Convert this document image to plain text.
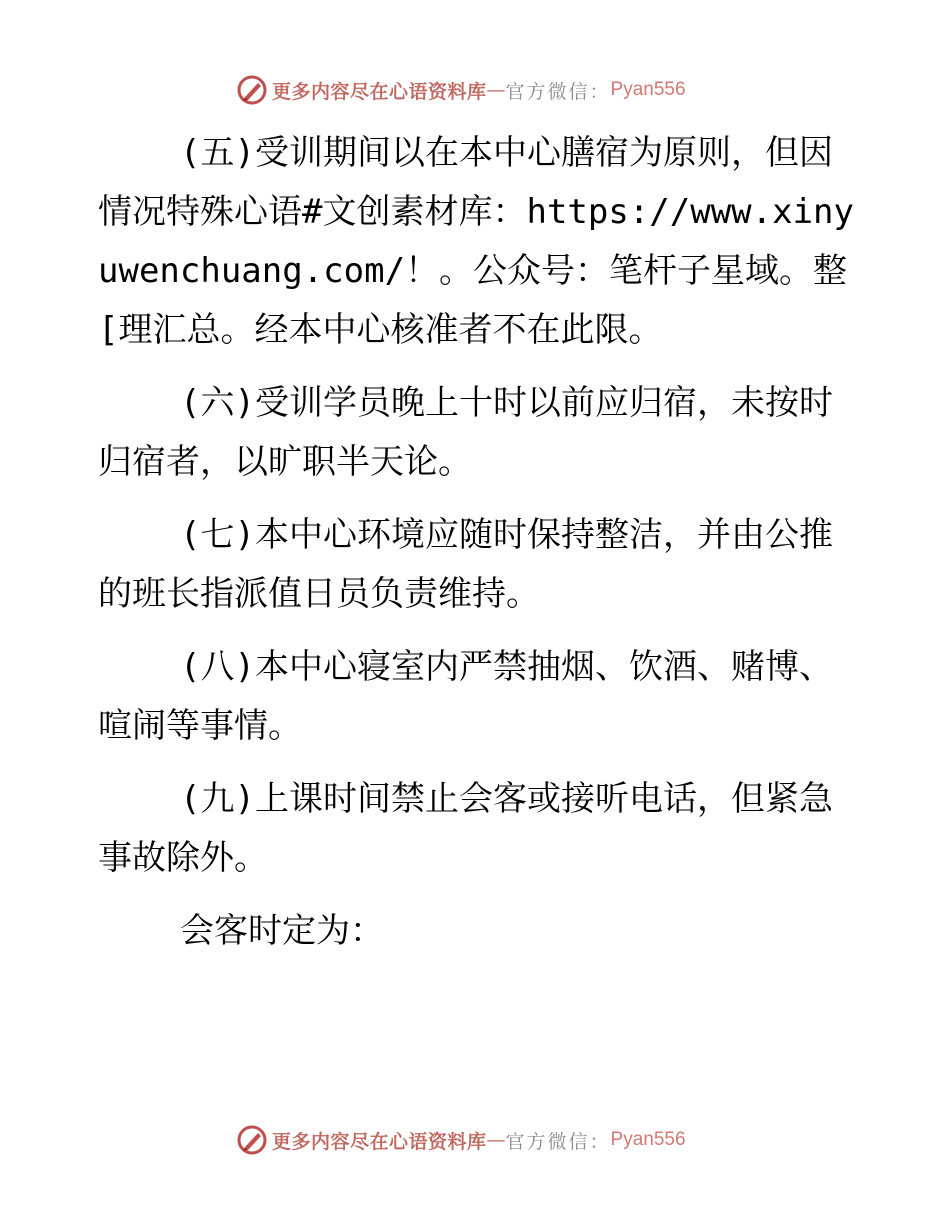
更多内容尽在心语资料库 — 官方微信： Pyan556

(五)受训期间以在本中心膳宿为原则，但因情况特殊心语#文创素材库：https://www.xinyuwenchuang.com/！。公众号：笔杆子星域。整[理汇总。经本中心核准者不在此限。

(六)受训学员晚上十时以前应归宿，未按时归宿者，以旷职半天论。

(七)本中心环境应随时保持整洁，并由公推的班长指派值日员负责维持。

(八)本中心寝室内严禁抽烟、饮酒、赌博、喧闹等事情。

(九)上课时间禁止会客或接听电话，但紧急事故除外。

会客时定为：

更多内容尽在心语资料库 — 官方微信： Pyan556
